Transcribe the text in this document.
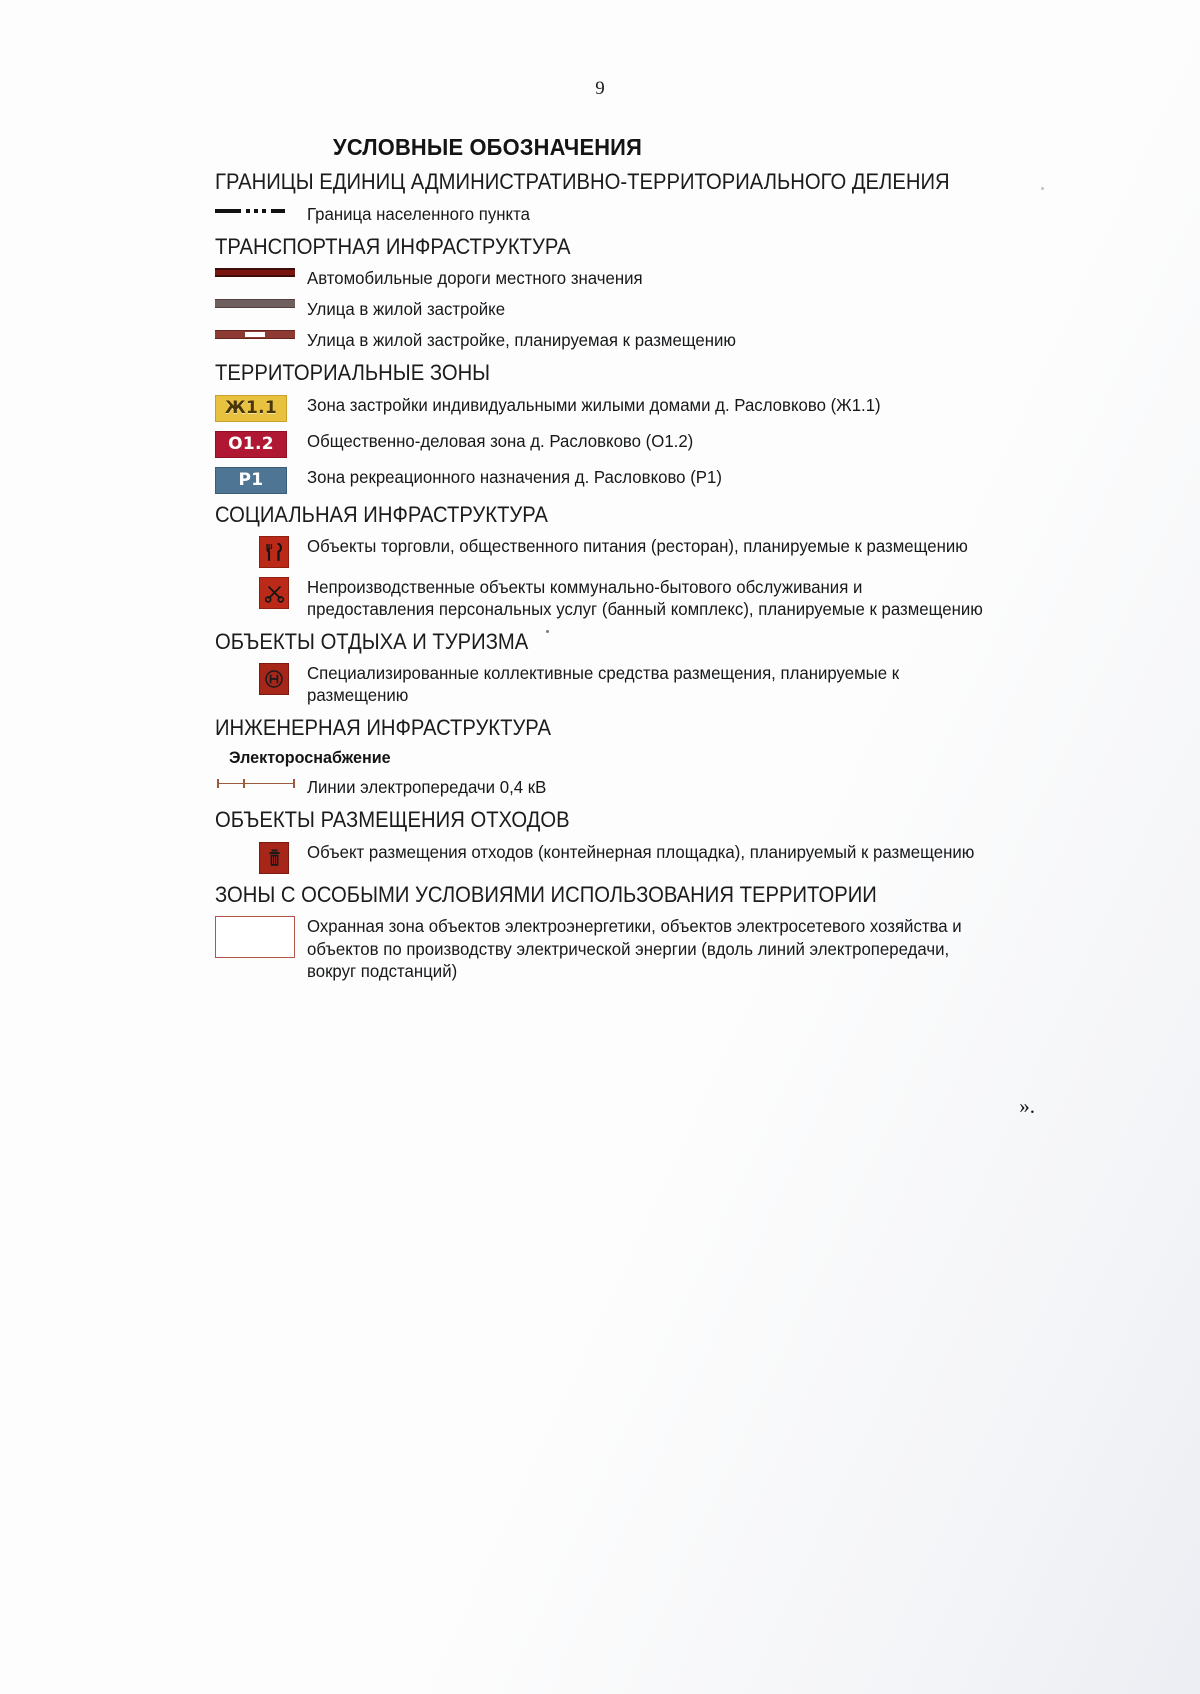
9
УСЛОВНЫЕ ОБОЗНАЧЕНИЯ
ГРАНИЦЫ ЕДИНИЦ АДМИНИСТРАТИВНО-ТЕРРИТОРИАЛЬНОГО ДЕЛЕНИЯ
Граница населенного пункта
ТРАНСПОРТНАЯ ИНФРАСТРУКТУРА
Автомобильные дороги местного значения
Улица в жилой застройке
Улица в жилой застройке, планируемая к размещению
ТЕРРИТОРИАЛЬНЫЕ ЗОНЫ
Ж1.1	Зона застройки индивидуальными жилыми домами д. Расловково (Ж1.1)
О1.2	Общественно-деловая зона д. Расловково (О1.2)
Р1	Зона рекреационного назначения д. Расловково (Р1)
СОЦИАЛЬНАЯ ИНФРАСТРУКТУРА
Объекты торговли, общественного питания (ресторан), планируемые к размещению
Непроизводственные объекты коммунально-бытового обслуживания и предоставления персональных услуг (банный комплекс), планируемые к размещению
ОБЪЕКТЫ ОТДЫХА И ТУРИЗМА
Специализированные коллективные средства размещения, планируемые к размещению
ИНЖЕНЕРНАЯ ИНФРАСТРУКТУРА
Электороснабжение
Линии электропередачи 0,4 кВ
ОБЪЕКТЫ РАЗМЕЩЕНИЯ ОТХОДОВ
Объект размещения отходов (контейнерная площадка), планируемый к размещению
ЗОНЫ С ОСОБЫМИ УСЛОВИЯМИ ИСПОЛЬЗОВАНИЯ ТЕРРИТОРИИ
Охранная зона объектов электроэнергетики, объектов электросетевого хозяйства и объектов по производству электрической энергии (вдоль линий электропередачи, вокруг подстанций)
».
